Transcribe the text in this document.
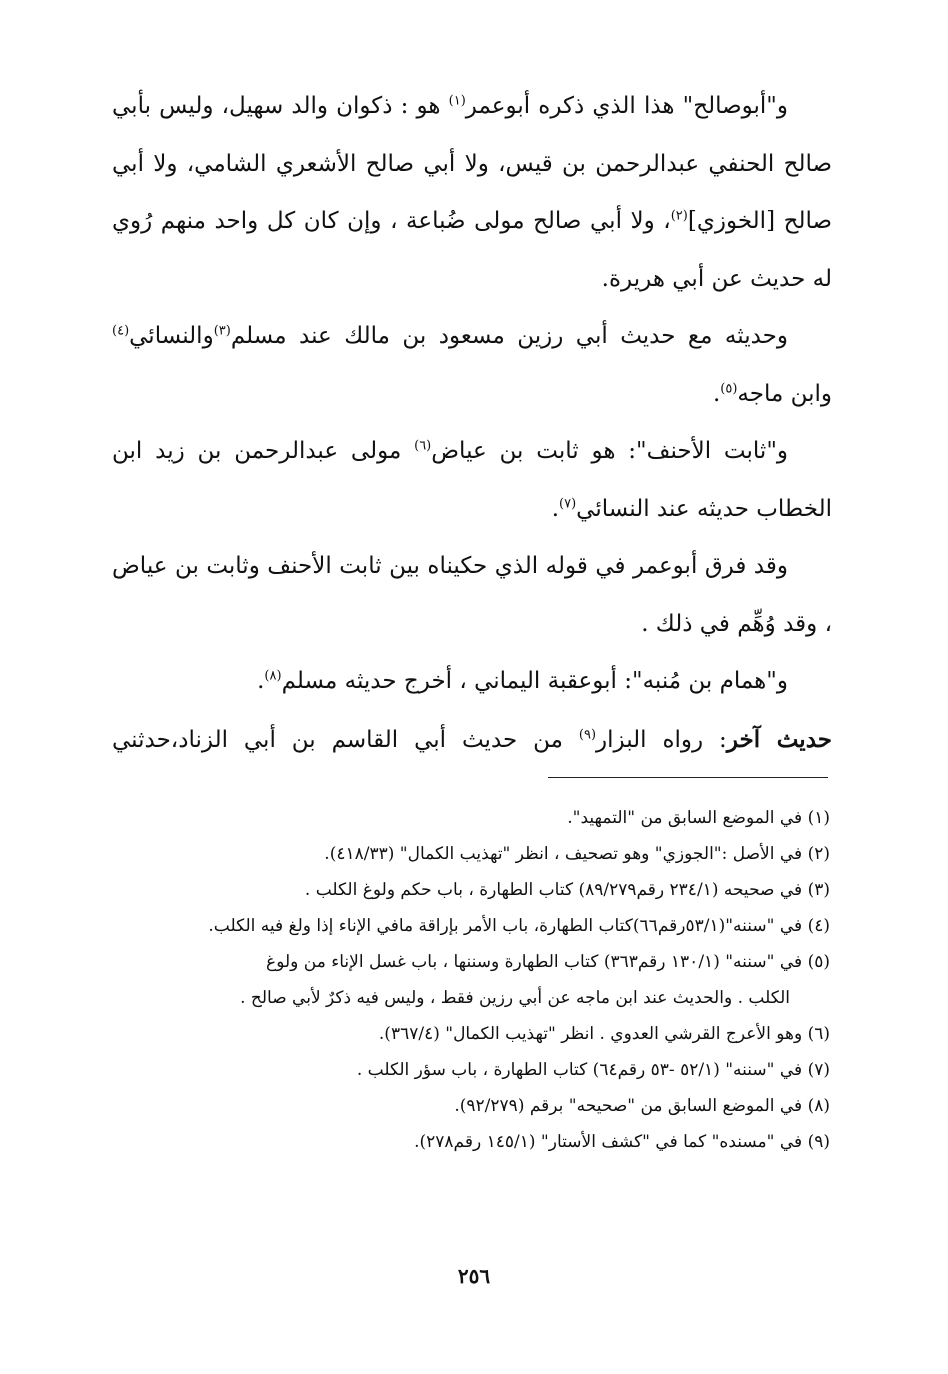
و"أبوصالح" هذا الذي ذكره أبوعمر$^{(١)}$ هو : ذكوان والد سهيل، وليس بأبي صالح الحنفي عبدالرحمن بن قيس، ولا أبي صالح الأشعري الشامي، ولا أبي صالح [الخوزي]$^{(٢)}$، ولا أبي صالح مولى ضُباعة ، وإن كان كل واحد منهم رُوي له حديث عن أبي هريرة.

وحديثه مع حديث أبي رزين مسعود بن مالك عند مسلم$^{(٣)}$والنسائي$^{(٤)}$ وابن ماجه$^{(٥)}$.

و"ثابت الأحنف": هو ثابت بن عياض$^{(٦)}$ مولى عبدالرحمن بن زيد ابن الخطاب حديثه عند النسائي$^{(٧)}$.

وقد فرق أبوعمر في قوله الذي حكيناه بين ثابت الأحنف وثابت بن عياض ، وقد وُهِّم في ذلك .

و"همام بن مُنبه": أبوعقبة اليماني ، أخرج حديثه مسلم$^{(٨)}$.

حديث آخر: رواه البزار$^{(٩)}$ من حديث أبي القاسم بن أبي الزناد،حدثني

(١) في الموضع السابق من "التمهيد".

(٢) في الأصل :"الجوزي" وهو تصحيف ، انظر "تهذيب الكمال" (٤١٨/٣٣).

(٣) في صحيحه (٢٣٤/١ رقم٨٩/٢٧٩) كتاب الطهارة ، باب حكم ولوغ الكلب .

(٤) في "سننه"(٥٣/١رقم٦٦)كتاب الطهارة، باب الأمر بإراقة مافي الإناء إذا ولغ فيه الكلب.

(٥) في "سننه" (١٣٠/١ رقم٣٦٣) كتاب الطهارة وسننها ، باب غسل الإناء من ولوغ

الكلب . والحديث عند ابن ماجه عن أبي رزين فقط ، وليس فيه ذكرٌ لأبي صالح .

(٦) وهو الأعرج القرشي العدوي . انظر "تهذيب الكمال" (٣٦٧/٤).

(٧) في "سننه" (٥٢/١ -٥٣ رقم٦٤) كتاب الطهارة ، باب سؤر الكلب .

(٨) في الموضع السابق من "صحيحه" برقم (٩٢/٢٧٩).

(٩) في "مسنده" كما في "كشف الأستار" (١٤٥/١ رقم٢٧٨).

٢٥٦
